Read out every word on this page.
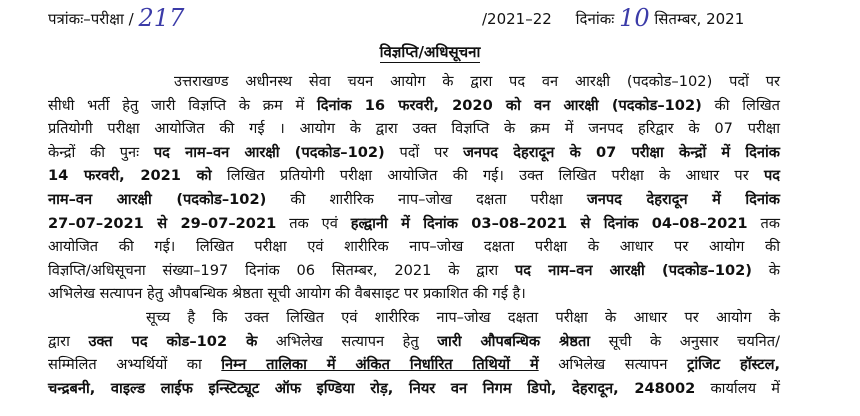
पत्रांकः–परीक्षा / 217	/2021–22 दिनांकः 10 सितम्बर, 2021
विज्ञप्ति/अधिसूचना
उत्तराखण्ड अधीनस्थ सेवा चयन आयोग के द्वारा पद वन आरक्षी (पदकोड–102) पदों पर
सीधी भर्ती हेतु जारी विज्ञप्ति के क्रम में दिनांक 16 फरवरी, 2020 को वन आरक्षी (पदकोड–102) की लिखित
प्रतियोगी परीक्षा आयोजित की गई । आयोग के द्वारा उक्त विज्ञप्ति के क्रम में जनपद हरिद्वार के 07 परीक्षा
केन्द्रों की पुनः पद नाम–वन आरक्षी (पदकोड–102) पदों पर जनपद देहरादून के 07 परीक्षा केन्द्रों में दिनांक
14 फरवरी, 2021 को लिखित प्रतियोगी परीक्षा आयोजित की गई। उक्त लिखित परीक्षा के आधार पर पद
नाम–वन आरक्षी (पदकोड–102) की शारीरिक नाप–जोख दक्षता परीक्षा जनपद देहरादून में दिनांक
27–07–2021 से 29–07–2021 तक एवं हल्द्वानी में दिनांक 03–08–2021 से दिनांक 04–08–2021 तक
आयोजित की गई। लिखित परीक्षा एवं शारीरिक नाप–जोख दक्षता परीक्षा के आधार पर आयोग की
विज्ञप्ति/अधिसूचना संख्या–197 दिनांक 06 सितम्बर, 2021 के द्वारा पद नाम–वन आरक्षी (पदकोड–102) के
अभिलेख सत्यापन हेतु औपबन्धिक श्रेष्ठता सूची आयोग की वैबसाइट पर प्रकाशित की गई है।
सूच्य है कि उक्त लिखित एवं शारीरिक नाप–जोख दक्षता परीक्षा के आधार पर आयोग के
द्वारा उक्त पद कोड–102 के अभिलेख सत्यापन हेतु जारी औपबन्धिक श्रेष्ठता सूची के अनुसार चयनित/
सम्मिलित अभ्यर्थियों का निम्न तालिका में अंकित निर्धारित तिथियों में अभिलेख सत्यापन ट्रांजिट हॉस्टल,
चन्द्रबनी, वाइल्ड लाईफ इन्स्टिट्यूट ऑफ इण्डिया रोड़, नियर वन निगम डिपो, देहरादून, 248002 कार्यालय में
